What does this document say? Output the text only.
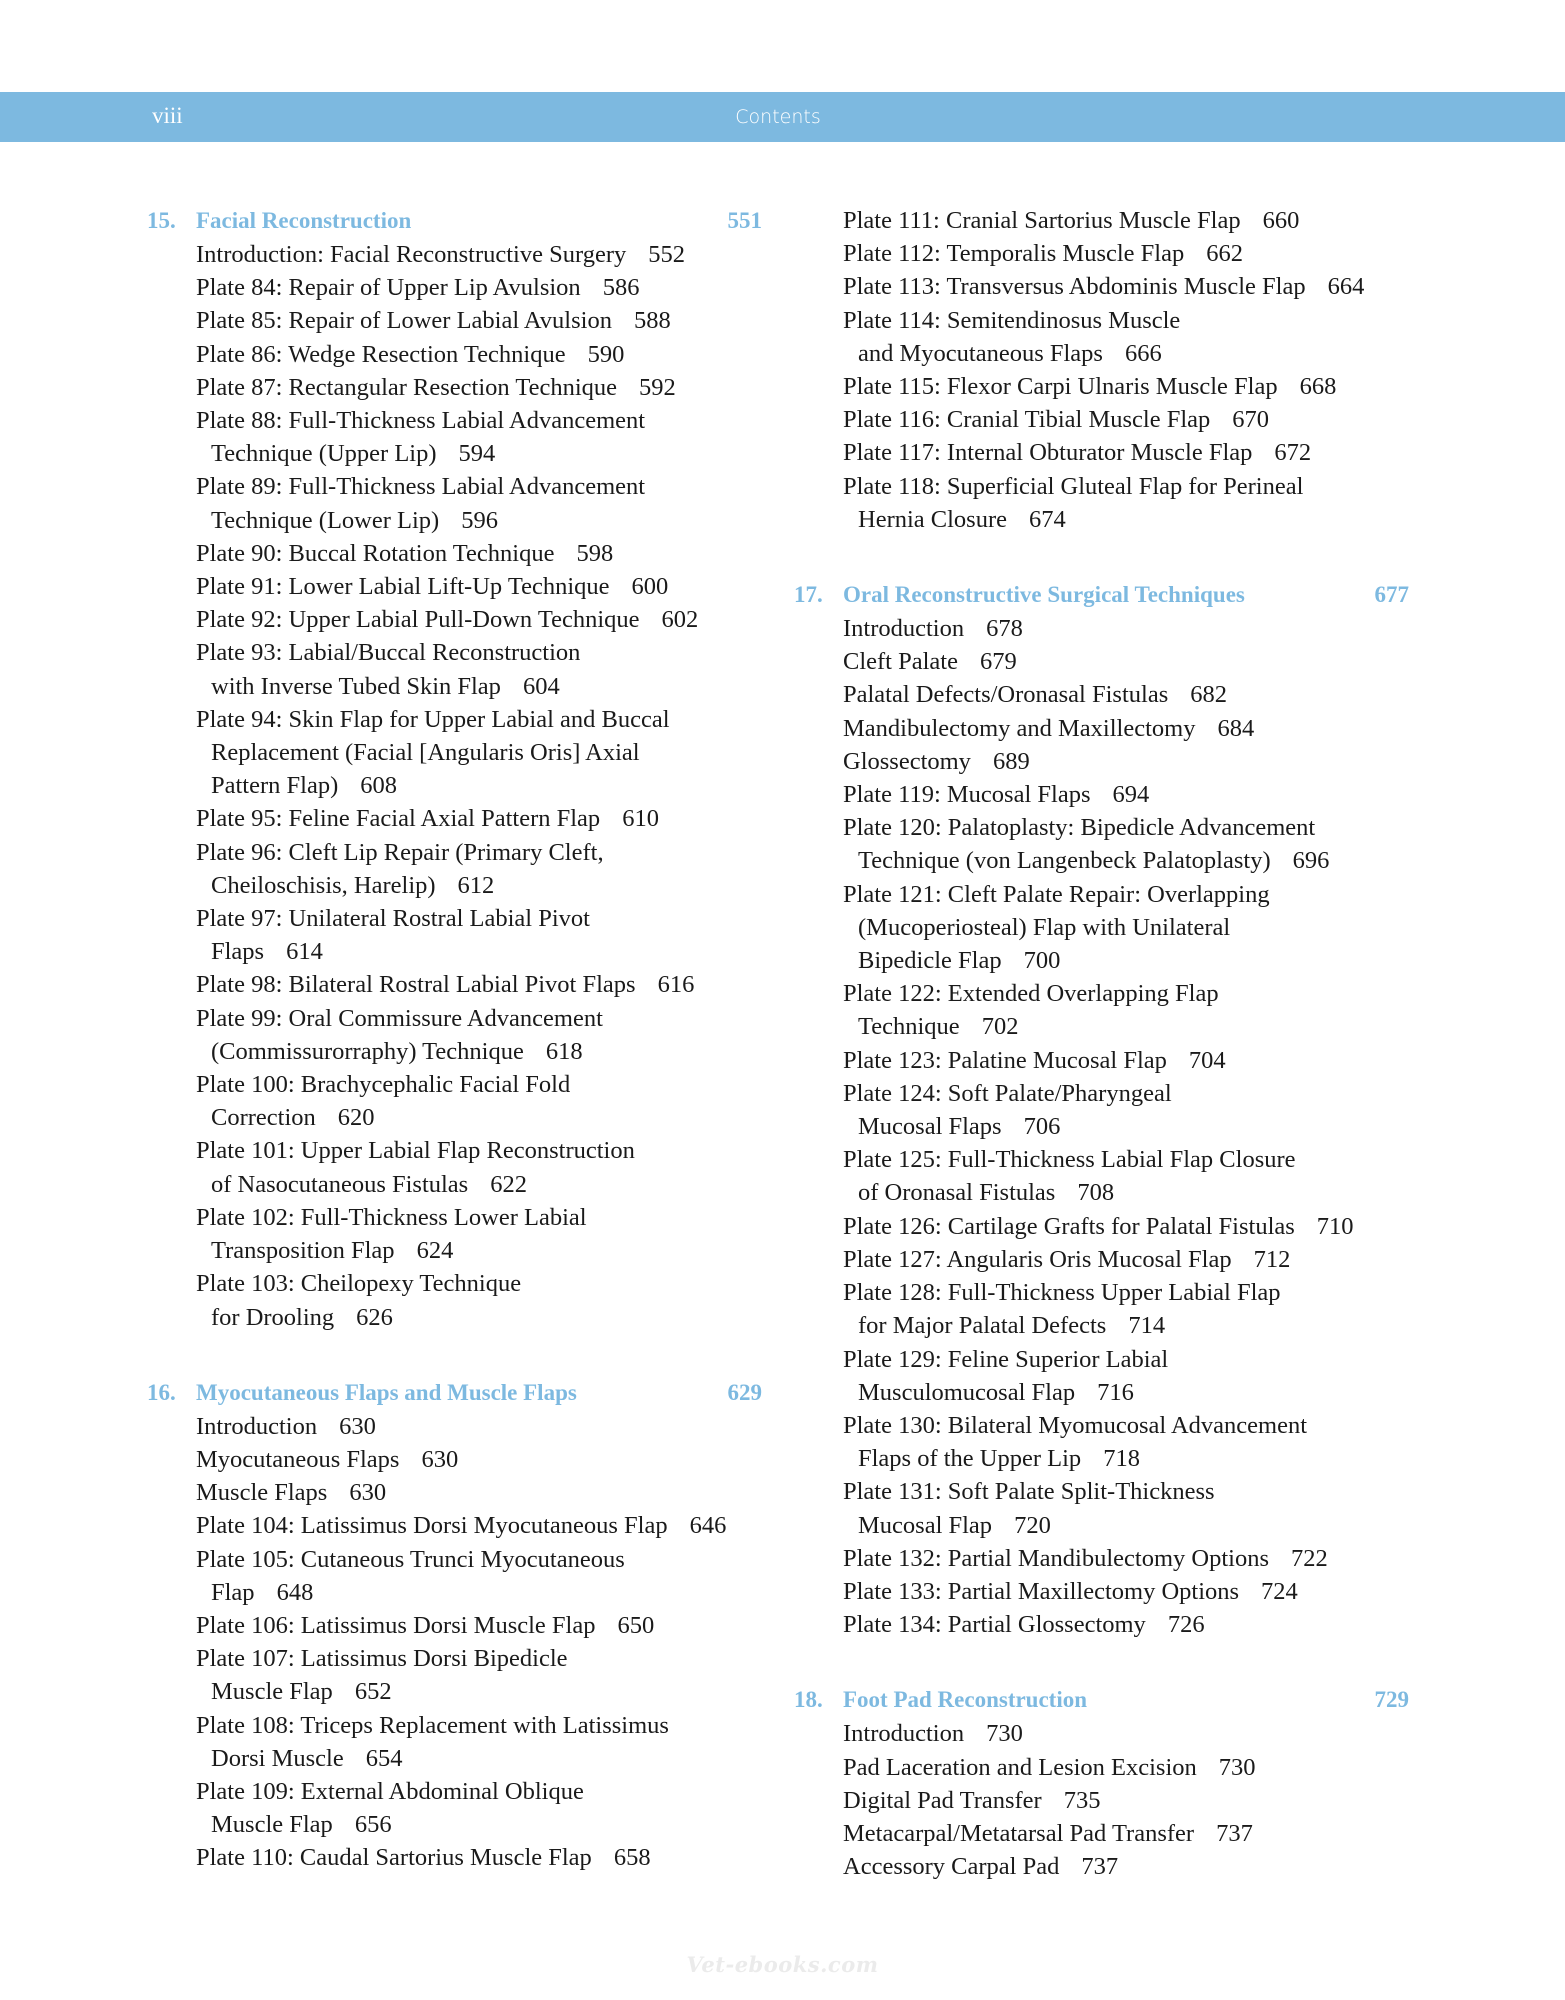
viii	Contents
15. Facial Reconstruction	551
Introduction: Facial Reconstructive Surgery 552
Plate 84: Repair of Upper Lip Avulsion 586
Plate 85: Repair of Lower Labial Avulsion 588
Plate 86: Wedge Resection Technique 590
Plate 87: Rectangular Resection Technique 592
Plate 88: Full-Thickness Labial Advancement
Technique (Upper Lip) 594
Plate 89: Full-Thickness Labial Advancement
Technique (Lower Lip) 596
Plate 90: Buccal Rotation Technique 598
Plate 91: Lower Labial Lift-Up Technique 600
Plate 92: Upper Labial Pull-Down Technique 602
Plate 93: Labial/Buccal Reconstruction
with Inverse Tubed Skin Flap 604
Plate 94: Skin Flap for Upper Labial and Buccal
Replacement (Facial [Angularis Oris] Axial
Pattern Flap) 608
Plate 95: Feline Facial Axial Pattern Flap 610
Plate 96: Cleft Lip Repair (Primary Cleft,
Cheiloschisis, Harelip) 612
Plate 97: Unilateral Rostral Labial Pivot
Flaps 614
Plate 98: Bilateral Rostral Labial Pivot Flaps 616
Plate 99: Oral Commissure Advancement
(Commissurorraphy) Technique 618
Plate 100: Brachycephalic Facial Fold
Correction 620
Plate 101: Upper Labial Flap Reconstruction
of Nasocutaneous Fistulas 622
Plate 102: Full-Thickness Lower Labial
Transposition Flap 624
Plate 103: Cheilopexy Technique
for Drooling 626
16. Myocutaneous Flaps and Muscle Flaps	629
Introduction 630
Myocutaneous Flaps 630
Muscle Flaps 630
Plate 104: Latissimus Dorsi Myocutaneous Flap 646
Plate 105: Cutaneous Trunci Myocutaneous
Flap 648
Plate 106: Latissimus Dorsi Muscle Flap 650
Plate 107: Latissimus Dorsi Bipedicle
Muscle Flap 652
Plate 108: Triceps Replacement with Latissimus
Dorsi Muscle 654
Plate 109: External Abdominal Oblique
Muscle Flap 656
Plate 110: Caudal Sartorius Muscle Flap 658
Plate 111: Cranial Sartorius Muscle Flap 660
Plate 112: Temporalis Muscle Flap 662
Plate 113: Transversus Abdominis Muscle Flap 664
Plate 114: Semitendinosus Muscle
and Myocutaneous Flaps 666
Plate 115: Flexor Carpi Ulnaris Muscle Flap 668
Plate 116: Cranial Tibial Muscle Flap 670
Plate 117: Internal Obturator Muscle Flap 672
Plate 118: Superficial Gluteal Flap for Perineal
Hernia Closure 674
17. Oral Reconstructive Surgical Techniques	677
Introduction 678
Cleft Palate 679
Palatal Defects/Oronasal Fistulas 682
Mandibulectomy and Maxillectomy 684
Glossectomy 689
Plate 119: Mucosal Flaps 694
Plate 120: Palatoplasty: Bipedicle Advancement
Technique (von Langenbeck Palatoplasty) 696
Plate 121: Cleft Palate Repair: Overlapping
(Mucoperiosteal) Flap with Unilateral
Bipedicle Flap 700
Plate 122: Extended Overlapping Flap
Technique 702
Plate 123: Palatine Mucosal Flap 704
Plate 124: Soft Palate/Pharyngeal
Mucosal Flaps 706
Plate 125: Full-Thickness Labial Flap Closure
of Oronasal Fistulas 708
Plate 126: Cartilage Grafts for Palatal Fistulas 710
Plate 127: Angularis Oris Mucosal Flap 712
Plate 128: Full-Thickness Upper Labial Flap
for Major Palatal Defects 714
Plate 129: Feline Superior Labial
Musculomucosal Flap 716
Plate 130: Bilateral Myomucosal Advancement
Flaps of the Upper Lip 718
Plate 131: Soft Palate Split-Thickness
Mucosal Flap 720
Plate 132: Partial Mandibulectomy Options 722
Plate 133: Partial Maxillectomy Options 724
Plate 134: Partial Glossectomy 726
18. Foot Pad Reconstruction	729
Introduction 730
Pad Laceration and Lesion Excision 730
Digital Pad Transfer 735
Metacarpal/Metatarsal Pad Transfer 737
Accessory Carpal Pad 737
Vet-ebooks.com
